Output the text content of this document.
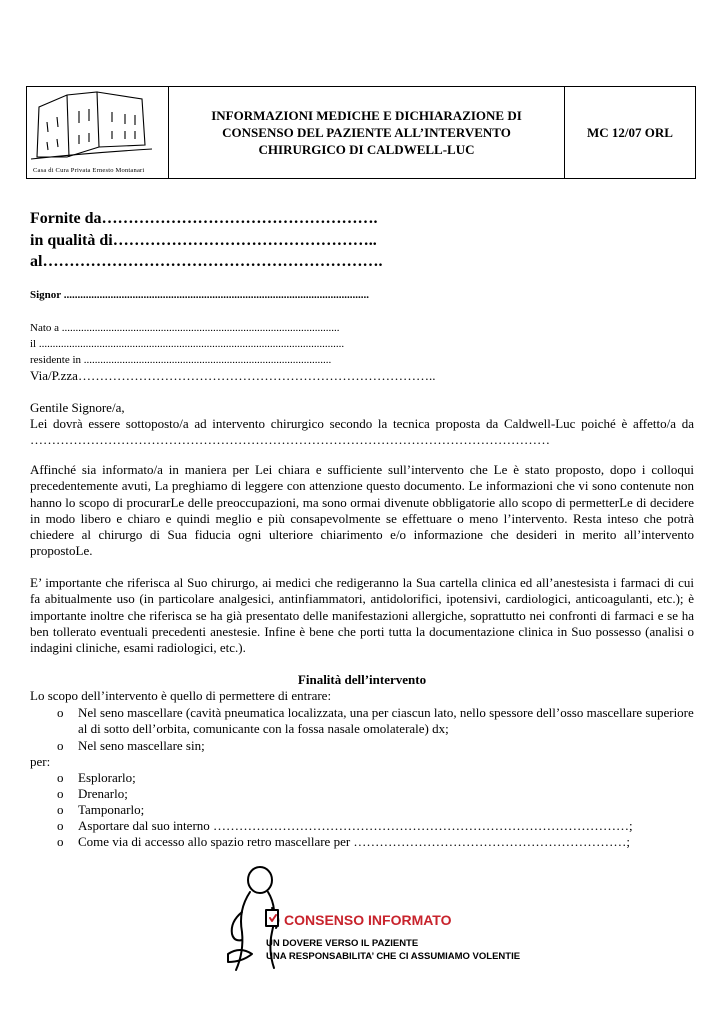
Casa di Cura Privata Ernesto Montanari
INFORMAZIONI MEDICHE E DICHIARAZIONE DI
CONSENSO DEL PAZIENTE ALL’INTERVENTO
CHIRURGICO DI CALDWELL-LUC
MC 12/07 ORL
Fornite da…………………………………………….
in qualità di…………………………………………..
al……………………………………………………….
Signor ...............................................................................................................
Nato a .....................................................................................................
il ...............................................................................................................
residente in ..........................................................................................
Via/P.zza………………………………………………………………………..
Gentile Signore/a,
Lei dovrà essere sottoposto/a ad intervento chirurgico secondo la tecnica proposta da Caldwell-Luc poiché è affetto/a da …………………………………………………………………………………………………………
Affinché sia informato/a in maniera per Lei chiara e sufficiente sull’intervento che Le è stato proposto, dopo i colloqui precedentemente avuti, La preghiamo di leggere con attenzione questo documento. Le informazioni che vi sono contenute non hanno lo scopo di procurarLe delle preoccupazioni, ma sono ormai divenute obbligatorie allo scopo di permetterLe di decidere in modo libero e chiaro e quindi meglio e più consapevolmente se effettuare o meno l’intervento. Resta inteso che potrà chiedere al chirurgo di Sua fiducia ogni ulteriore chiarimento e/o informazione che desideri in merito all’intervento propostoLe.
E’ importante che riferisca al Suo chirurgo, ai medici che redigeranno la Sua cartella clinica ed all’anestesista i farmaci di cui fa abitualmente uso (in particolare analgesici, antinfiammatori, antidolorifici, ipotensivi, cardiologici, anticoagulanti, etc.); è importante inoltre che riferisca se ha già presentato delle manifestazioni allergiche, soprattutto nei confronti di farmaci e se ha ben tollerato eventuali precedenti anestesie. Infine è bene che porti tutta la documentazione clinica in Suo possesso (analisi o indagini cliniche, esami radiologici, etc.).
Finalità dell’intervento
Lo scopo dell’intervento è quello di permettere di entrare:
o Nel seno mascellare (cavità pneumatica localizzata, una per ciascun lato, nello spessore dell’osso mascellare superiore al di sotto dell’orbita, comunicante con la fossa nasale omolaterale) dx;
o Nel seno mascellare sin;
per:
o Esplorarlo;
o Drenarlo;
o Tamponarlo;
o Asportare dal suo interno ……………………………………………………………………………………;
o Come via di accesso allo spazio retro mascellare per ………………………………………………………;
CONSENSO INFORMATO
UN DOVERE VERSO IL PAZIENTE
UNA RESPONSABILITA’ CHE CI ASSUMIAMO VOLENTIERI
